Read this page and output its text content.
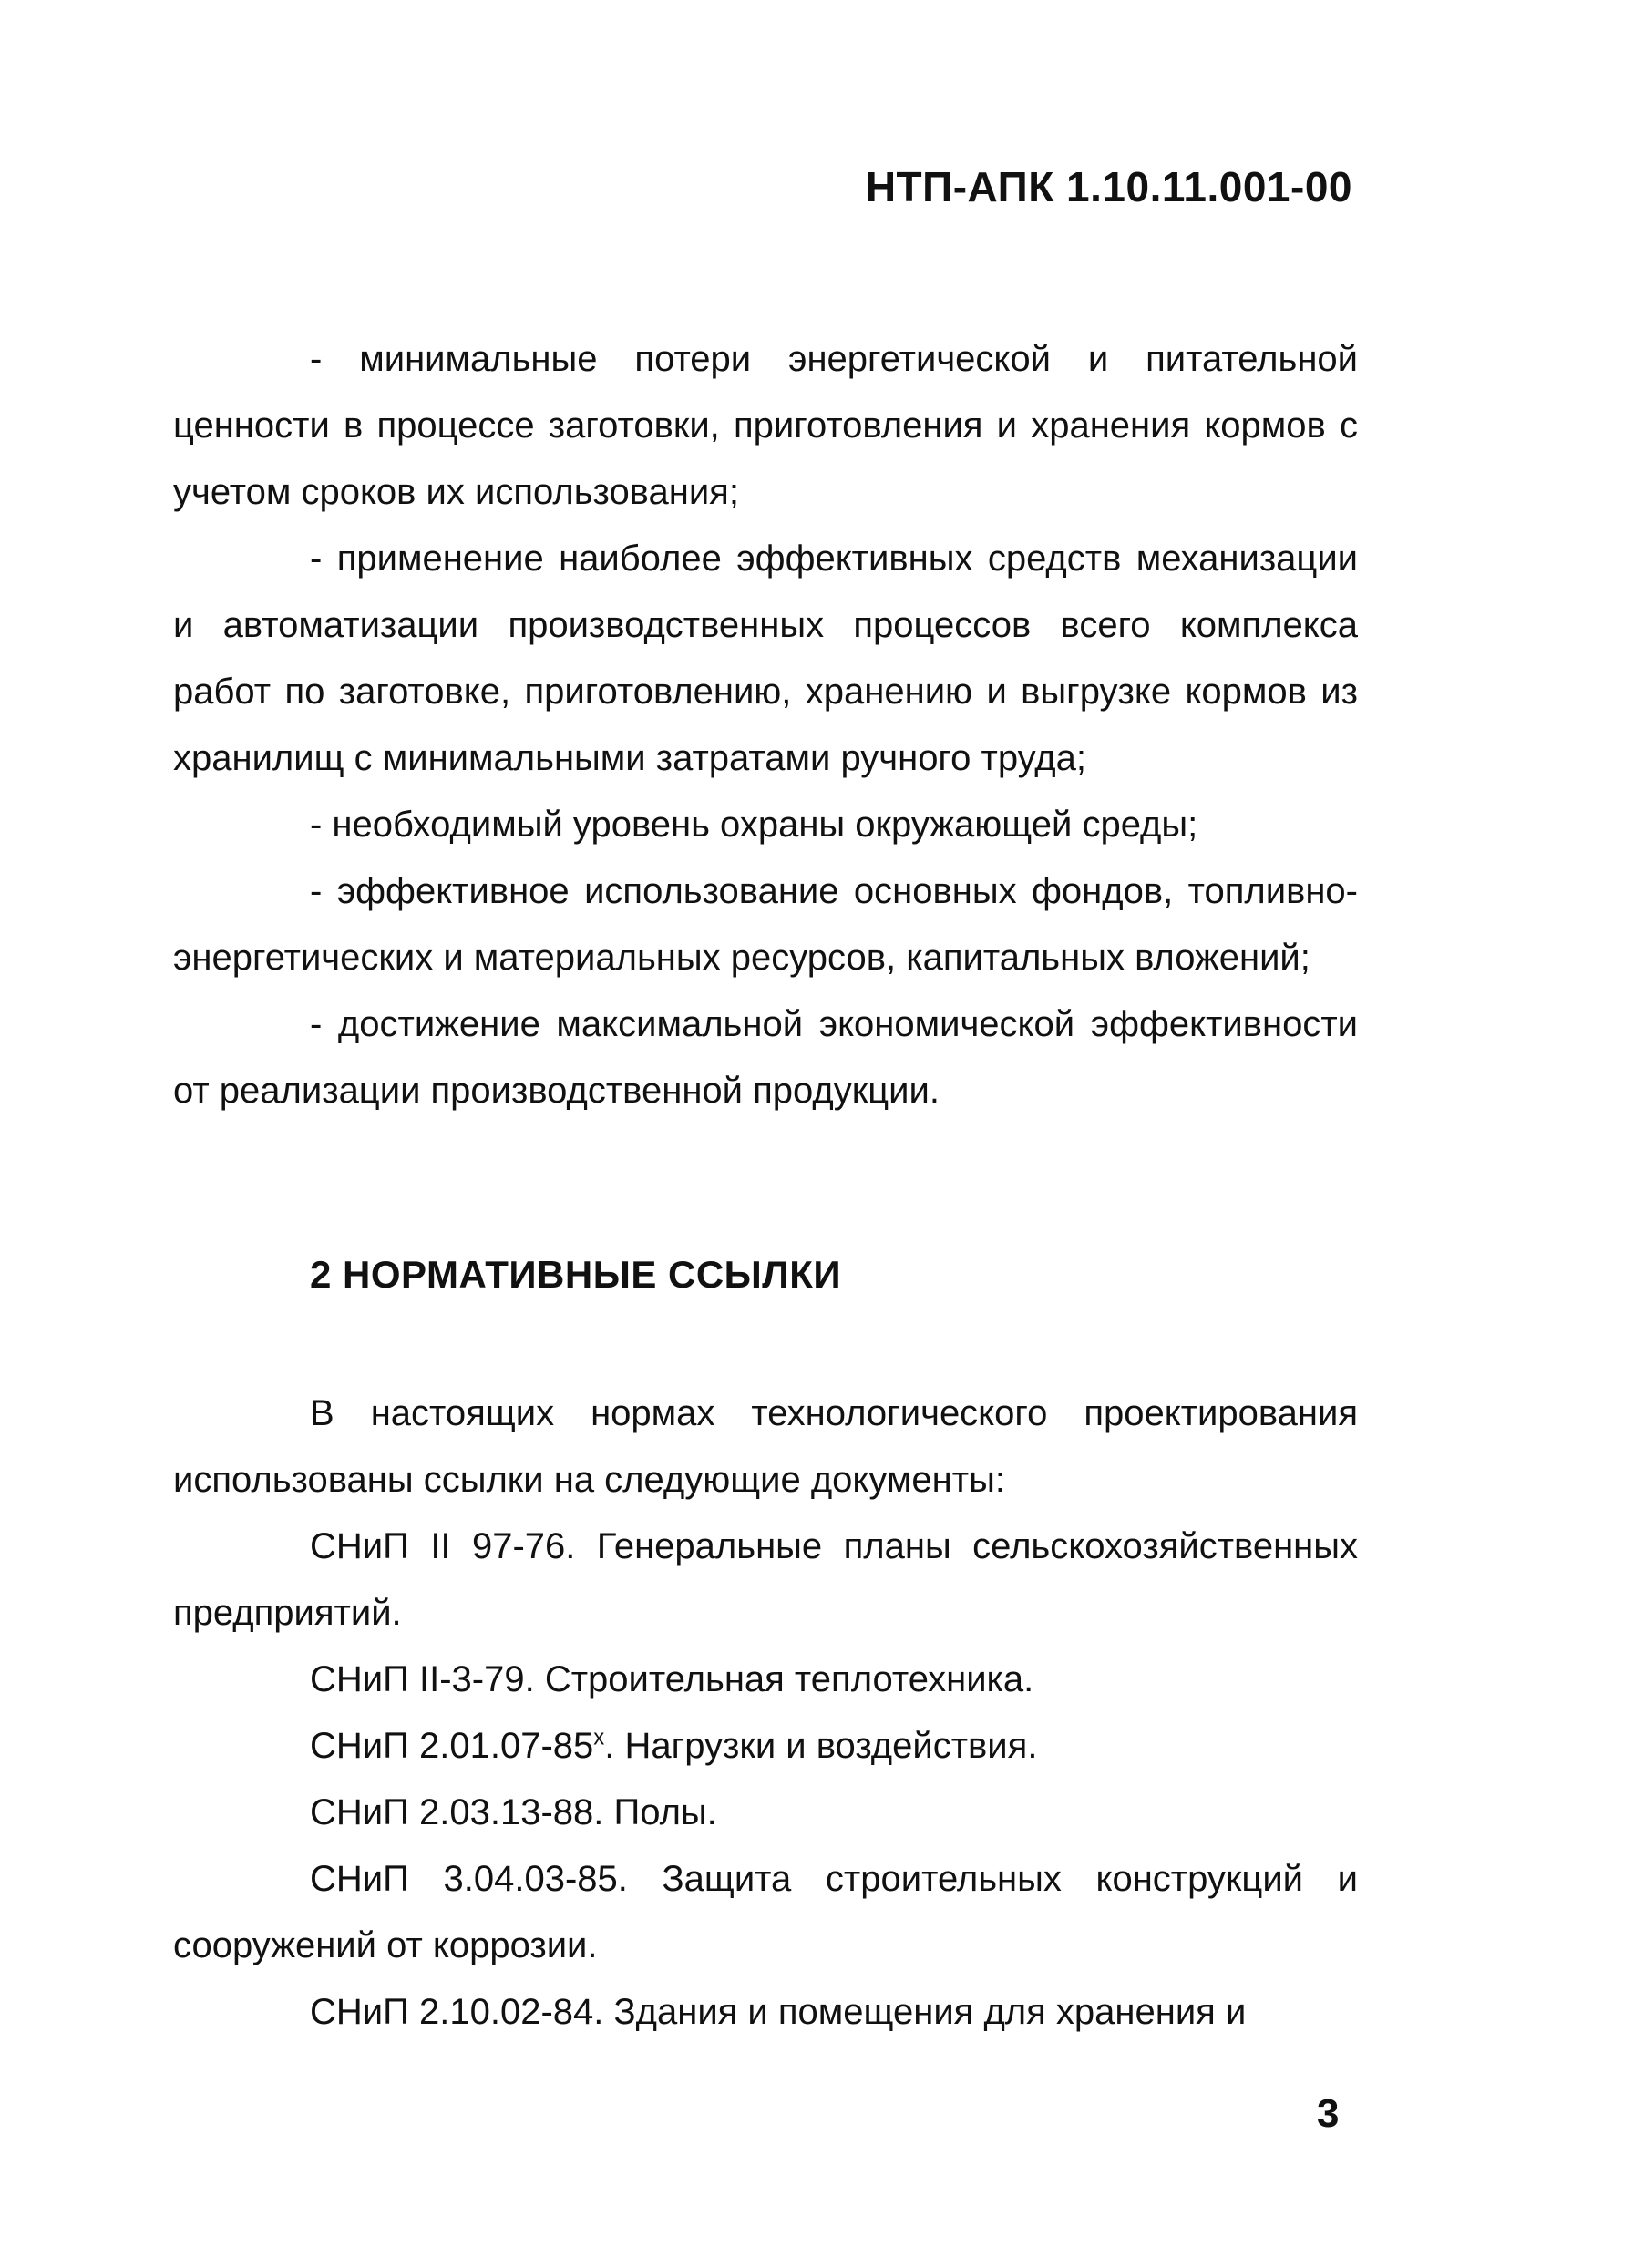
НТП-АПК 1.10.11.001-00

- минимальные потери энергетической и питательной ценности в процессе заготовки, приготовления и хранения кормов с учетом сроков их использования;

- применение наиболее эффективных средств механизации и автоматизации производственных процессов всего комплекса работ по заготовке, приготовлению, хранению и выгрузке кормов из хранилищ с минимальными затратами ручного труда;

- необходимый уровень охраны окружающей среды;

- эффективное использование основных фондов, топливно-энергетических и материальных ресурсов, капитальных вложений;

- достижение максимальной экономической эффективности от реализации производственной продукции.

2 НОРМАТИВНЫЕ ССЫЛКИ

В настоящих нормах технологического проектирования использованы ссылки на следующие документы:

СНиП II 97-76. Генеральные планы сельскохозяйственных предприятий.

СНиП II-3-79. Строительная теплотехника.

СНиП $2.01.07-85^х$. Нагрузки и воздействия.

СНиП 2.03.13-88. Полы.

СНиП 3.04.03-85. Защита строительных конструкций и сооружений от коррозии.

СНиП 2.10.02-84. Здания и помещения для хранения и

3
